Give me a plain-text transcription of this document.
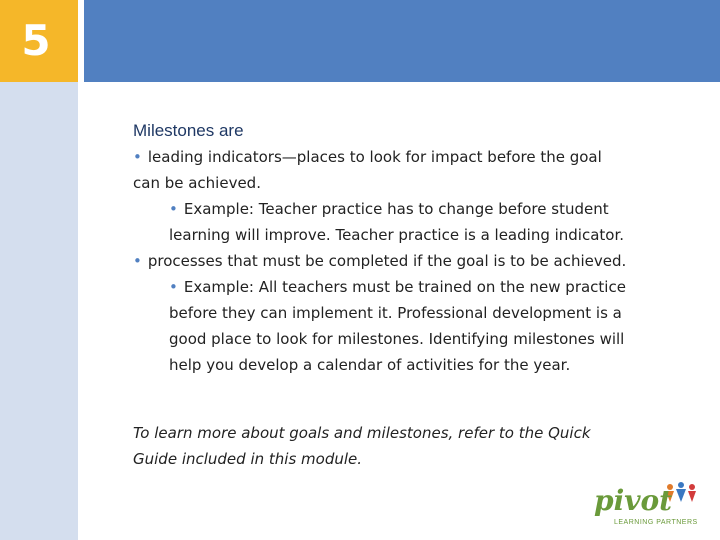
5

Milestones are

• leading indicators—places to look for impact before the goal can be achieved.

• Example: Teacher practice has to change before student learning will improve. Teacher practice is a leading indicator.

• processes that must be completed if the goal is to be achieved.

• Example: All teachers must be trained on the new practice before they can implement it. Professional development is a good place to look for milestones. Identifying milestones will help you develop a calendar of activities for the year.

To learn more about goals and milestones, refer to the Quick Guide included in this module.

pivot
LEARNING PARTNERS
